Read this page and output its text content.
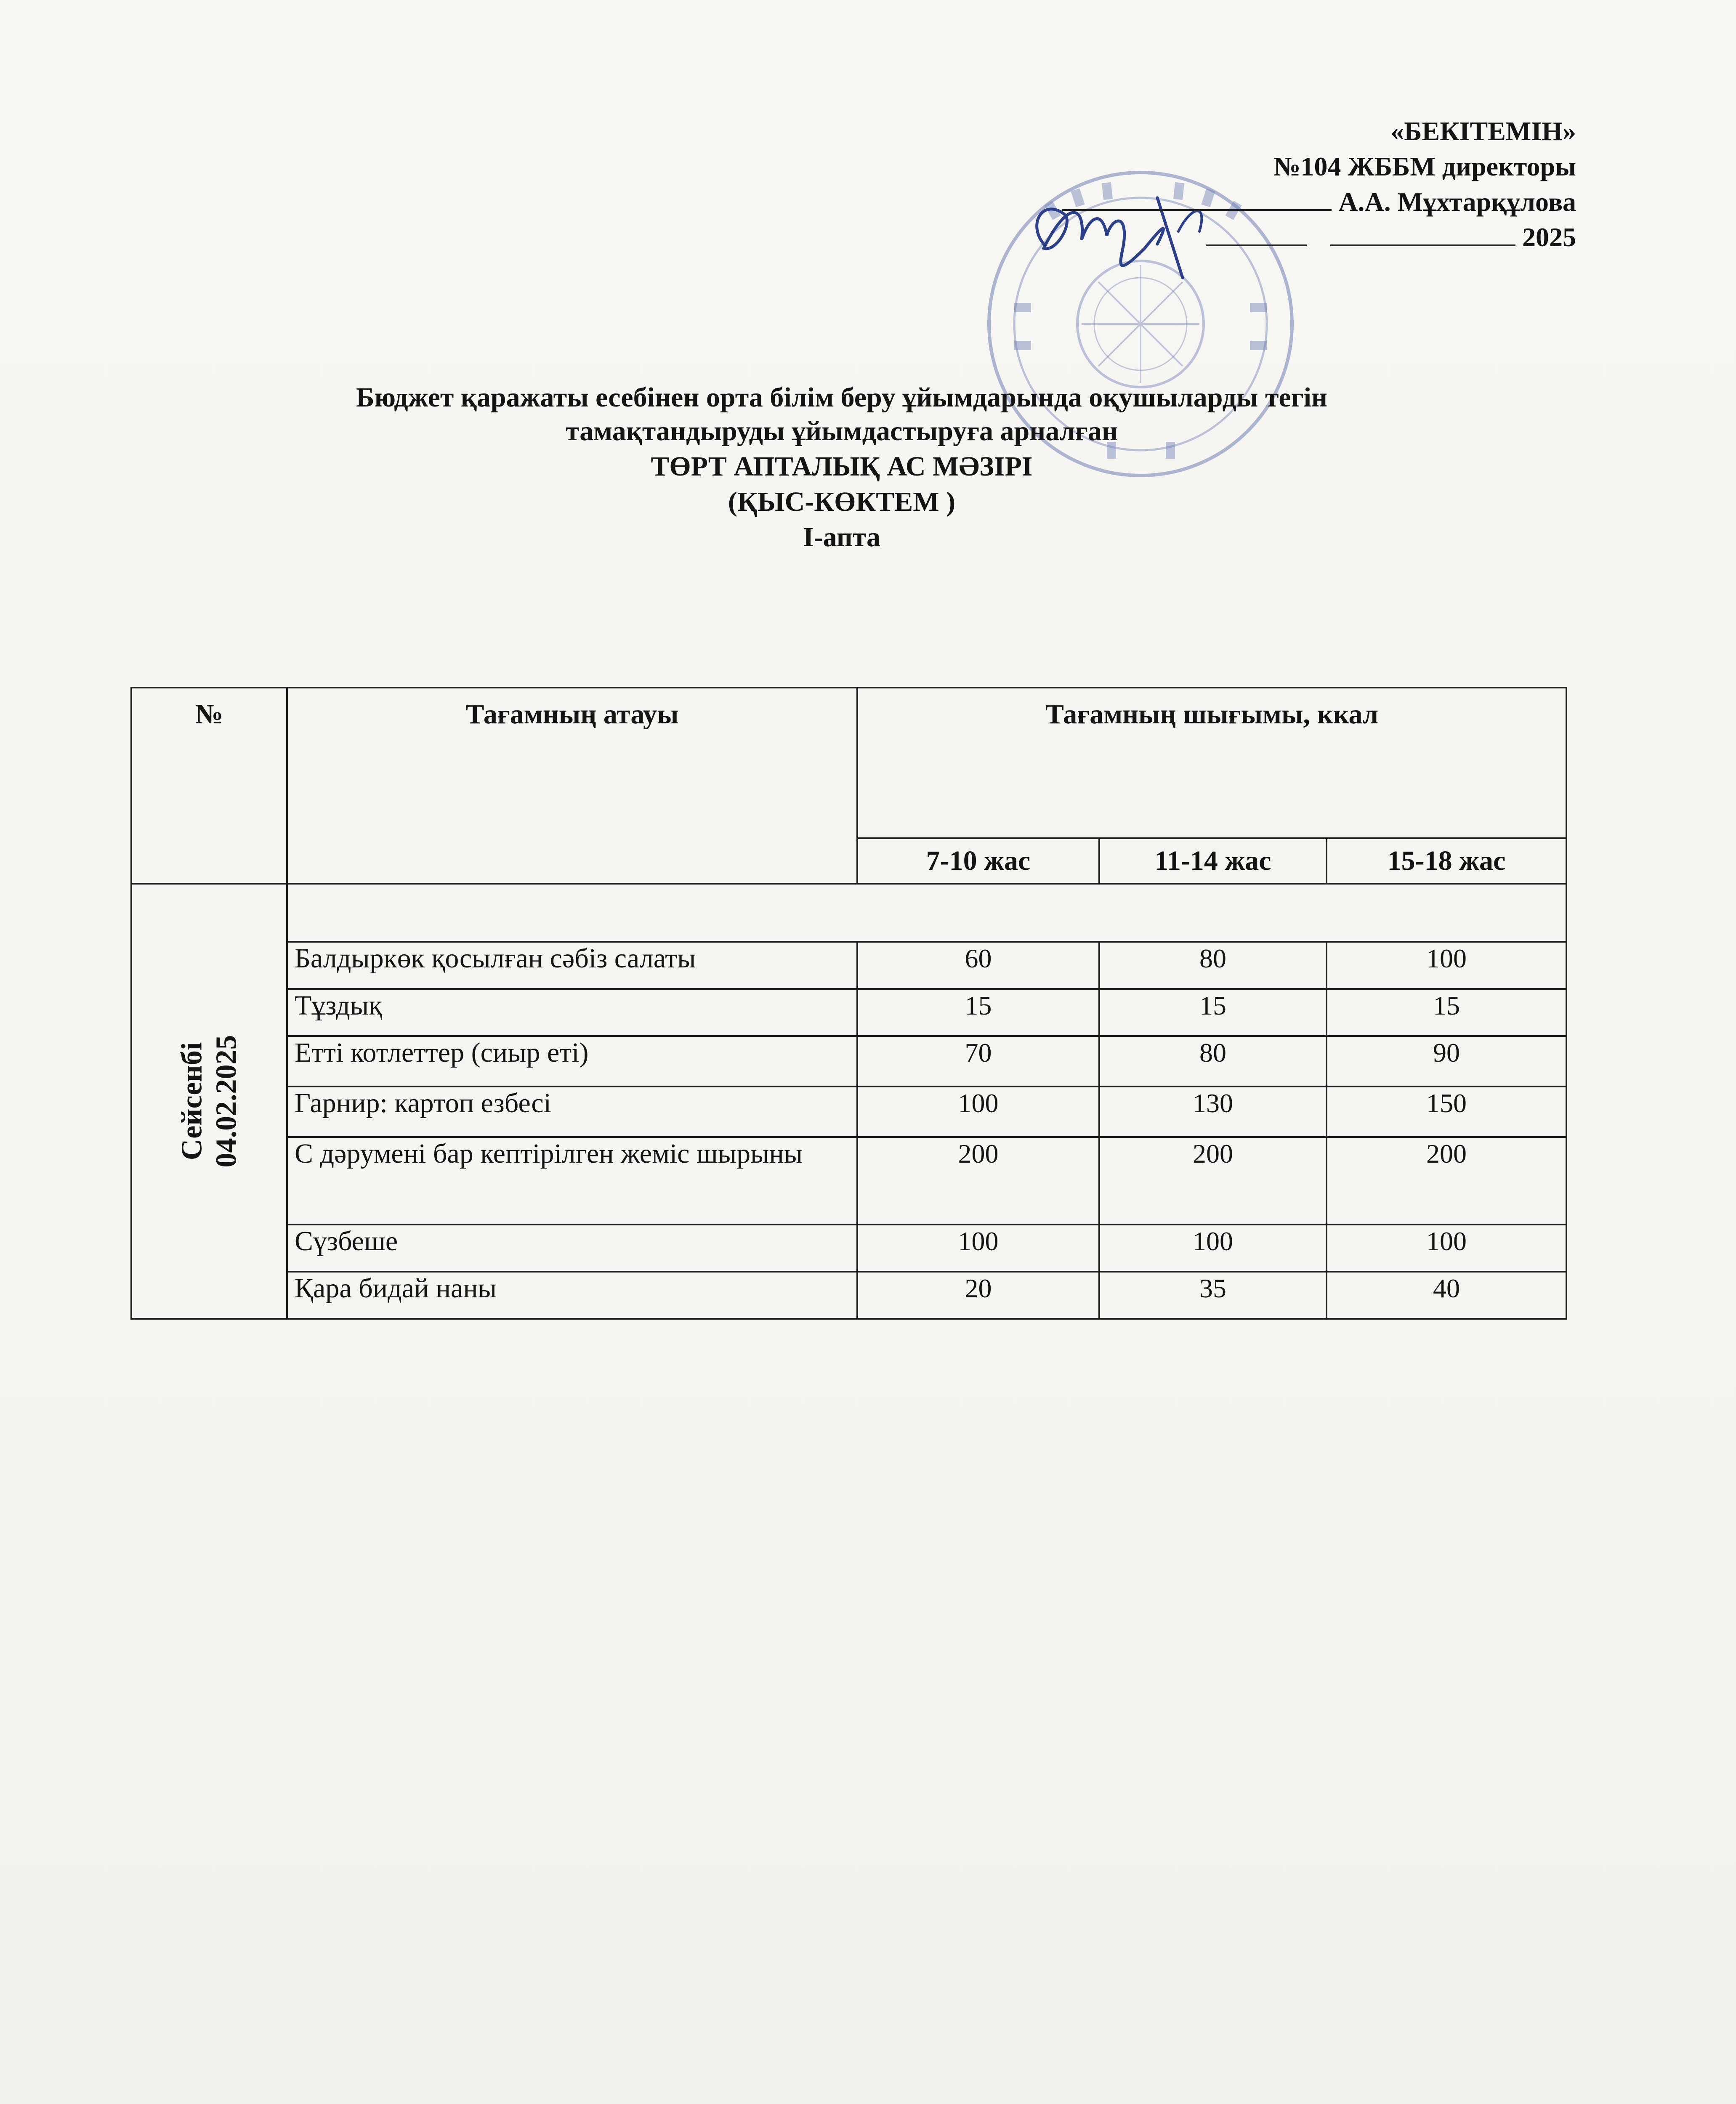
«БЕКІТЕМІН»
№104 ЖББМ директоры
А.А. Мұхтарқұлова
2025
Бюджет қаражаты есебінен орта білім беру ұйымдарында оқушыларды тегін
тамақтандыруды ұйымдастыруға арналған
ТӨРТ АПТАЛЫҚ АС МӘЗІРІ
(ҚЫС-КӨКТЕМ )
І-апта
№	Тағамның атауы	Тағамның шығымы, ккал		
		7-10 жас	11-14 жас	15-18 жас
Сейсенбі
04.02.2025				
	Балдыркөк қосылған сәбіз салаты	60	80	100
	Тұздық	15	15	15
	Етті котлеттер (сиыр еті)	70	80	90
	Гарнир: картоп езбесі	100	130	150
	С дәрумені бар кептірілген жеміс шырыны	200	200	200
	Сүзбеше	100	100	100
	Қара бидай наны	20	35	40
